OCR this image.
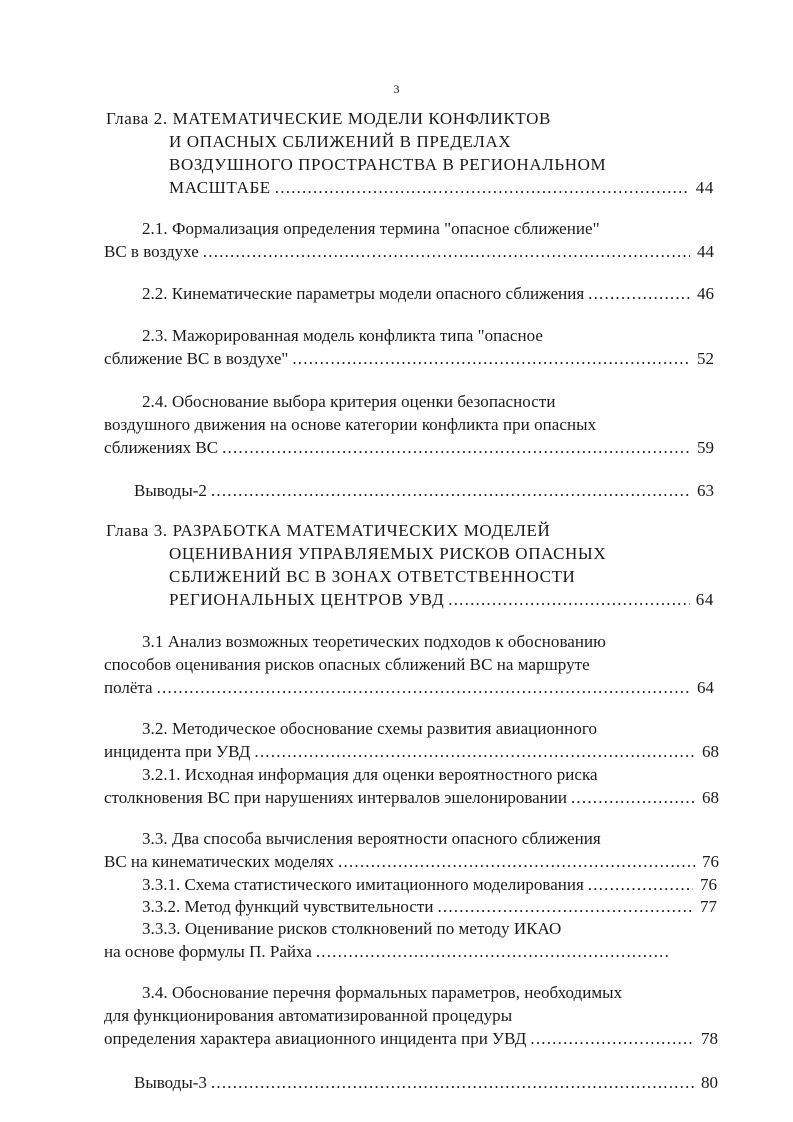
3
Глава 2. МАТЕМАТИЧЕСКИЕ МОДЕЛИ КОНФЛИКТОВ
И ОПАСНЫХ СБЛИЖЕНИЙ В ПРЕДЕЛАХ
ВОЗДУШНОГО ПРОСТРАНСТВА В РЕГИОНАЛЬНОМ
МАСШТАБЕ .....	44
2.1. Формализация определения термина "опасное сближение"
ВС в воздухе .....	44
2.2. Кинематические параметры модели опасного сближения .....	46
2.3. Мажорированная модель конфликта типа "опасное
сближение ВС в воздухе" .....	52
2.4. Обоснование выбора критерия оценки безопасности
воздушного движения на основе категории конфликта при опасных
сближениях ВС .....	59
Выводы-2 .....	63
Глава 3. РАЗРАБОТКА МАТЕМАТИЧЕСКИХ МОДЕЛЕЙ
ОЦЕНИВАНИЯ УПРАВЛЯЕМЫХ РИСКОВ ОПАСНЫХ
СБЛИЖЕНИЙ ВС В ЗОНАХ ОТВЕТСТВЕННОСТИ
РЕГИОНАЛЬНЫХ ЦЕНТРОВ УВД .....	64
3.1 Анализ возможных теоретических подходов к обоснованию
способов оценивания рисков опасных сближений ВС на маршруте
полёта .....	64
3.2. Методическое обоснование схемы развития авиационного
инцидента при УВД .....	68
3.2.1. Исходная информация для оценки вероятностного риска
столкновения ВС при нарушениях интервалов эшелонировании .....	68
3.3. Два способа вычисления вероятности опасного сближения
ВС на кинематических моделях .....	76
3.3.1. Схема статистического имитационного моделирования .....	76
3.3.2. Метод функций чувствительности .....	77
3.3.3. Оценивание рисков столкновений по методу ИКАО
на основе формулы П. Райха
.....
3.4. Обоснование перечня формальных параметров, необходимых
для функционирования автоматизированной процедуры
определения характера авиационного инцидента при УВД .....	78
Выводы-3 .....	80
